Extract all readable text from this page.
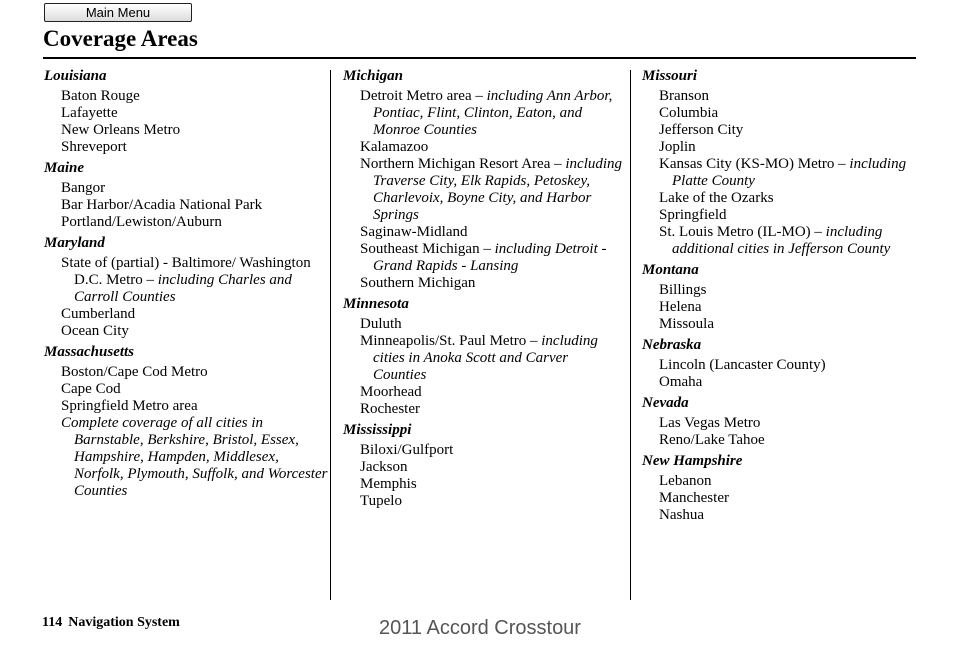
Main Menu
Coverage Areas
Louisiana
Baton Rouge
Lafayette
New Orleans Metro
Shreveport
Maine
Bangor
Bar Harbor/Acadia National Park
Portland/Lewiston/Auburn
Maryland
State of (partial) - Baltimore/ Washington D.C. Metro – including Charles and Carroll Counties
Cumberland
Ocean City
Massachusetts
Boston/Cape Cod Metro
Cape Cod
Springfield Metro area
Complete coverage of all cities in Barnstable, Berkshire, Bristol, Essex, Hampshire, Hampden, Middlesex, Norfolk, Plymouth, Suffolk, and Worcester Counties
Michigan
Detroit Metro area – including Ann Arbor, Pontiac, Flint, Clinton, Eaton, and Monroe Counties
Kalamazoo
Northern Michigan Resort Area – including Traverse City, Elk Rapids, Petoskey, Charlevoix, Boyne City, and Harbor Springs
Saginaw-Midland
Southeast Michigan – including Detroit - Grand Rapids - Lansing
Southern Michigan
Minnesota
Duluth
Minneapolis/St. Paul Metro – including cities in Anoka Scott and Carver Counties
Moorhead
Rochester
Mississippi
Biloxi/Gulfport
Jackson
Memphis
Tupelo
Missouri
Branson
Columbia
Jefferson City
Joplin
Kansas City (KS-MO) Metro – including Platte County
Lake of the Ozarks
Springfield
St. Louis Metro (IL-MO) – including additional cities in Jefferson County
Montana
Billings
Helena
Missoula
Nebraska
Lincoln (Lancaster County)
Omaha
Nevada
Las Vegas Metro
Reno/Lake Tahoe
New Hampshire
Lebanon
Manchester
Nashua
114 Navigation System	2011 Accord Crosstour
